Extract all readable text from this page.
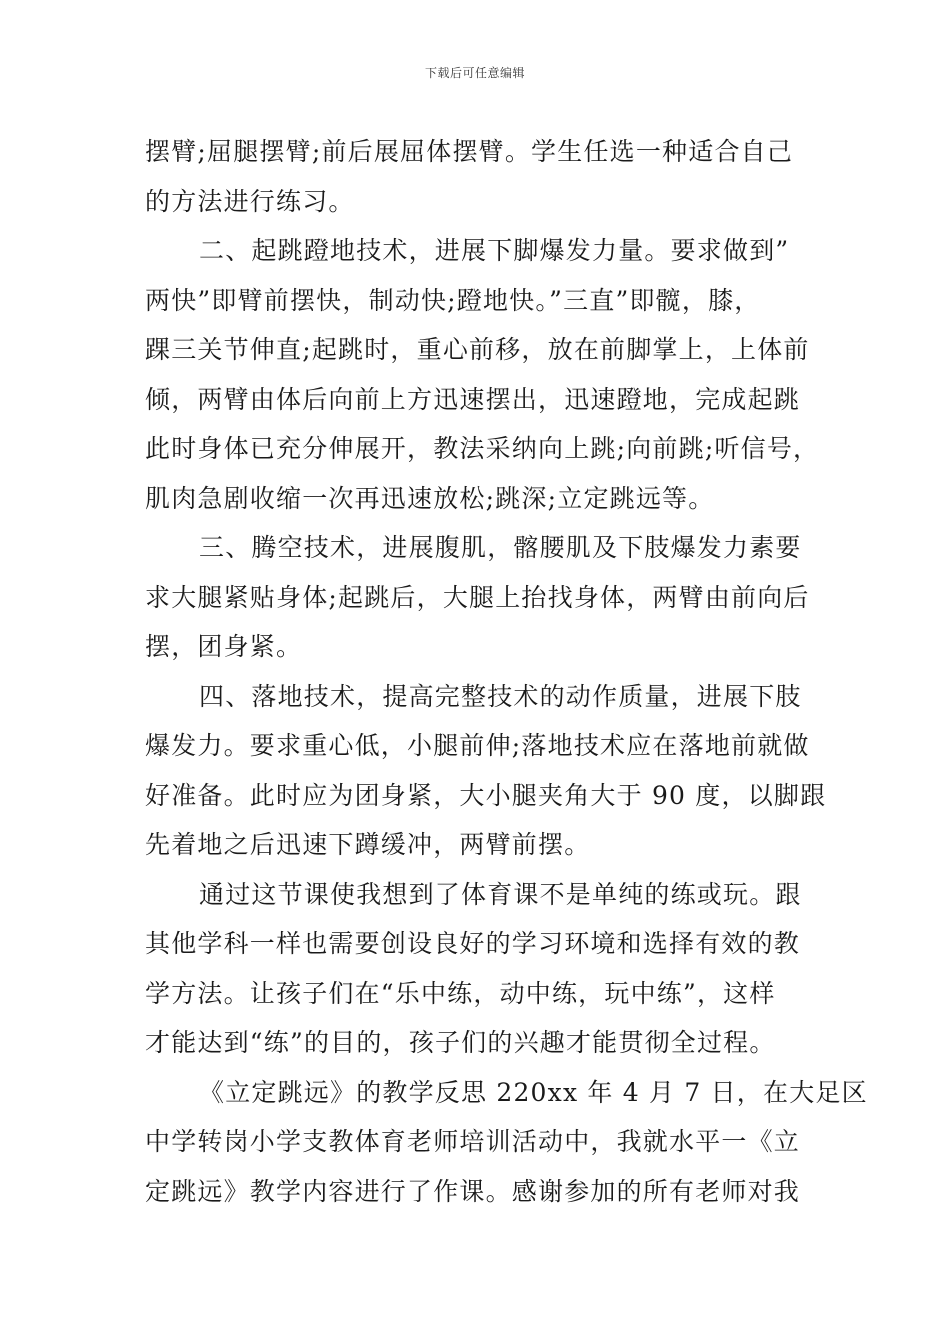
下载后可任意编辑
摆臂;屈腿摆臂;前后展屈体摆臂。学生任选一种适合自己
的方法进行练习。
二、起跳蹬地技术，进展下脚爆发力量。要求做到”
两快”即臂前摆快，制动快;蹬地快。”三直”即髋，膝，
踝三关节伸直;起跳时，重心前移，放在前脚掌上，上体前
倾，两臂由体后向前上方迅速摆出，迅速蹬地，完成起跳
此时身体已充分伸展开，教法采纳向上跳;向前跳;听信号，
肌肉急剧收缩一次再迅速放松;跳深;立定跳远等。
三、腾空技术，进展腹肌，髂腰肌及下肢爆发力素要
求大腿紧贴身体;起跳后，大腿上抬找身体，两臂由前向后
摆，团身紧。
四、落地技术，提高完整技术的动作质量，进展下肢
爆发力。要求重心低，小腿前伸;落地技术应在落地前就做
好准备。此时应为团身紧，大小腿夹角大于 90 度，以脚跟
先着地之后迅速下蹲缓冲，两臂前摆。
通过这节课使我想到了体育课不是单纯的练或玩。跟
其他学科一样也需要创设良好的学习环境和选择有效的教
学方法。让孩子们在“乐中练，动中练，玩中练”，这样
才能达到“练”的目的，孩子们的兴趣才能贯彻全过程。
《立定跳远》的教学反思 220xx 年 4 月 7 日，在大足区
中学转岗小学支教体育老师培训活动中，我就水平一《立
定跳远》教学内容进行了作课。感谢参加的所有老师对我
